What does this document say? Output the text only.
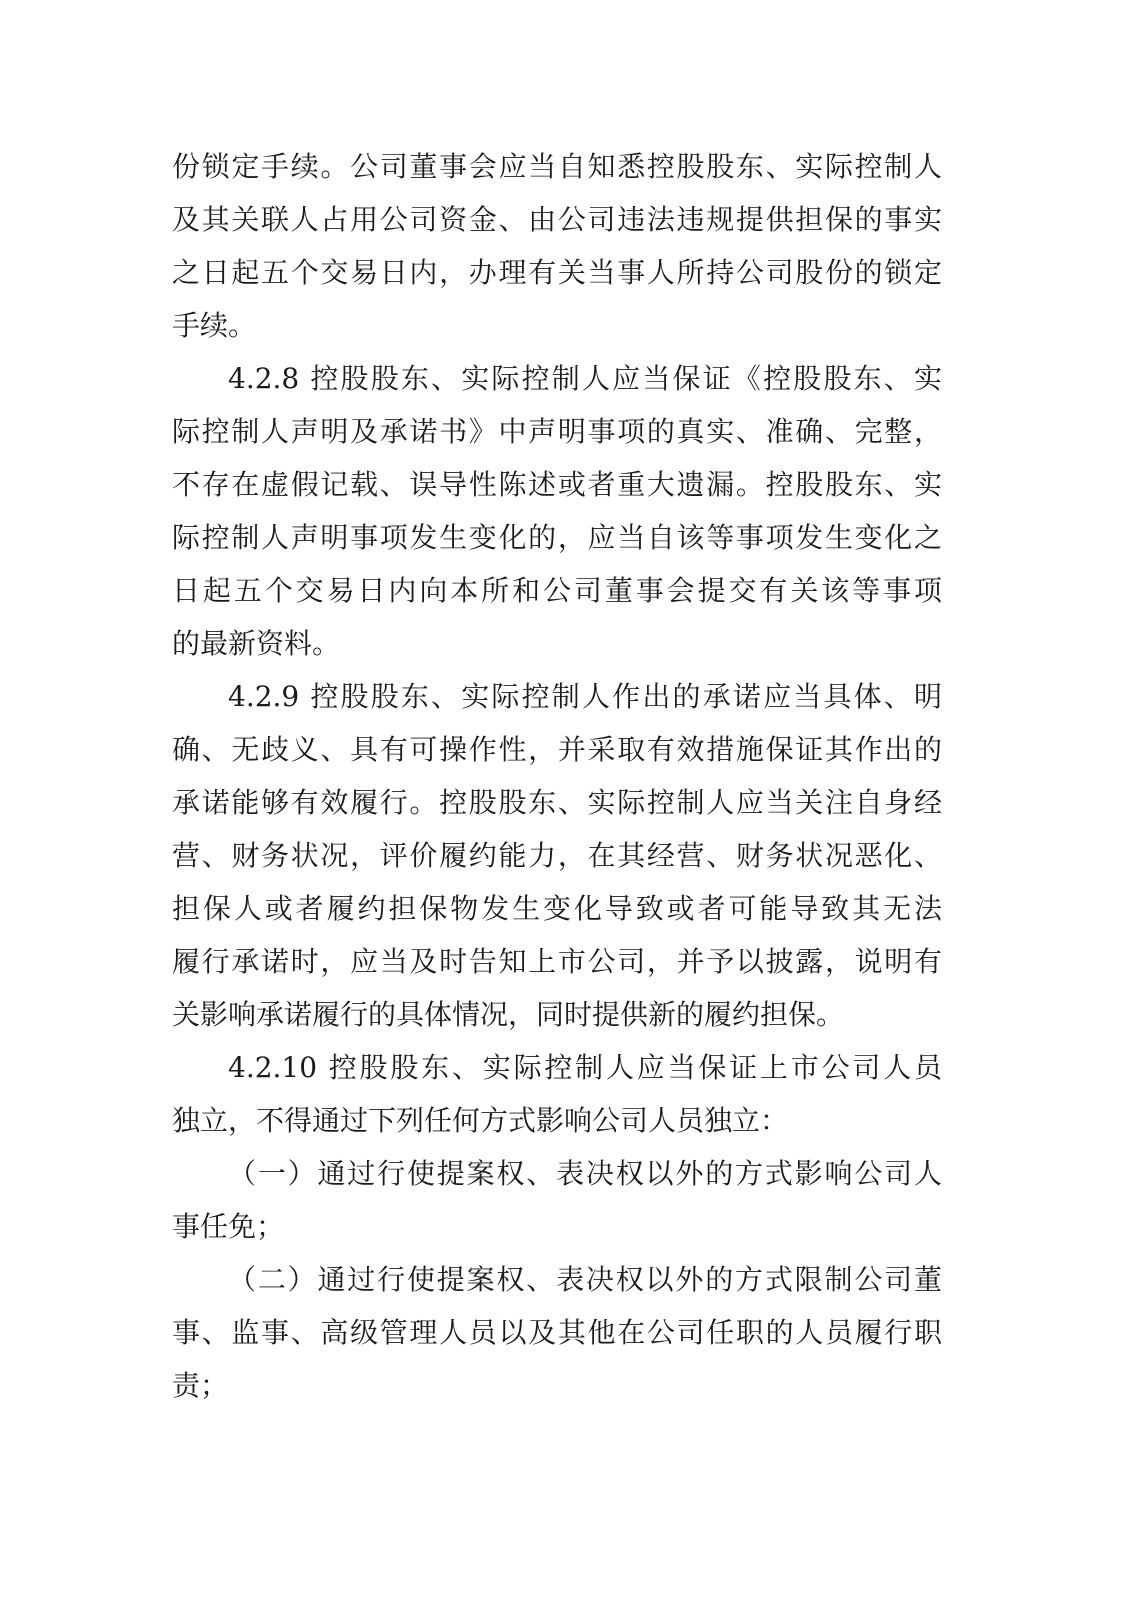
份锁定手续。公司董事会应当自知悉控股股东、实际控制人
及其关联人占用公司资金、由公司违法违规提供担保的事实
之日起五个交易日内，办理有关当事人所持公司股份的锁定
手续。
4.2.8 控股股东、实际控制人应当保证《控股股东、实
际控制人声明及承诺书》中声明事项的真实、准确、完整，
不存在虚假记载、误导性陈述或者重大遗漏。控股股东、实
际控制人声明事项发生变化的，应当自该等事项发生变化之
日起五个交易日内向本所和公司董事会提交有关该等事项
的最新资料。
4.2.9 控股股东、实际控制人作出的承诺应当具体、明
确、无歧义、具有可操作性，并采取有效措施保证其作出的
承诺能够有效履行。控股股东、实际控制人应当关注自身经
营、财务状况，评价履约能力，在其经营、财务状况恶化、
担保人或者履约担保物发生变化导致或者可能导致其无法
履行承诺时，应当及时告知上市公司，并予以披露，说明有
关影响承诺履行的具体情况，同时提供新的履约担保。
4.2.10 控股股东、实际控制人应当保证上市公司人员
独立，不得通过下列任何方式影响公司人员独立：
（一）通过行使提案权、表决权以外的方式影响公司人
事任免；
（二）通过行使提案权、表决权以外的方式限制公司董
事、监事、高级管理人员以及其他在公司任职的人员履行职
责；
